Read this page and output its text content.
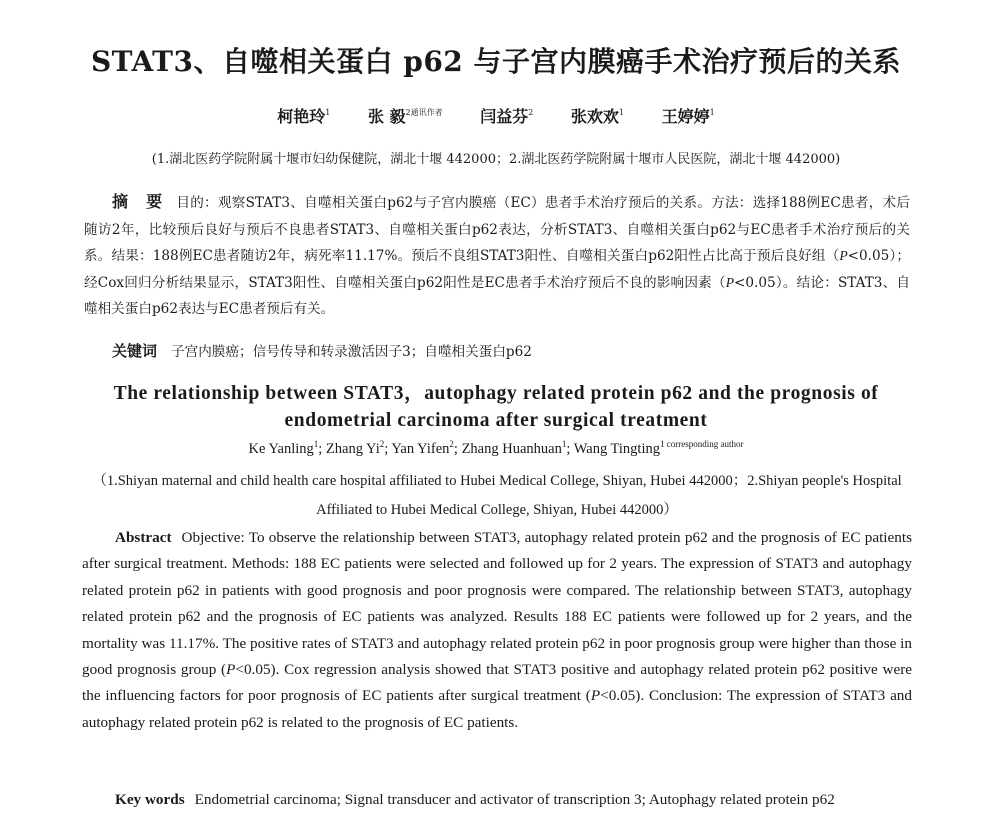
STAT3、自噬相关蛋白 p62 与子宫内膜癌手术治疗预后的关系
柯艳玲$^1$ 张 毅$^{2通讯作者}$ 闫益芬$^2$ 张欢欢$^1$ 王婷婷$^1$
(1.湖北医药学院附属十堰市妇幼保健院，湖北十堰 442000；2.湖北医药学院附属十堰市人民医院，湖北十堰 442000)

摘 要 目的：观察STAT3、自噬相关蛋白p62与子宫内膜癌（EC）患者手术治疗预后的关系。方法：选择188例EC患者，术后随访2年，比较预后良好与预后不良患者STAT3、自噬相关蛋白p62表达，分析STAT3、自噬相关蛋白p62与EC患者手术治疗预后的关系。结果：188例EC患者随访2年，病死率11.17%。预后不良组STAT3阳性、自噬相关蛋白p62阳性占比高于预后良好组（P<0.05）；经Cox回归分析结果显示，STAT3阳性、自噬相关蛋白p62阳性是EC患者手术治疗预后不良的影响因素（P<0.05）。结论：STAT3、自噬相关蛋白p62表达与EC患者预后有关。

关键词 子宫内膜癌；信号传导和转录激活因子3；自噬相关蛋白p62
The relationship between STAT3，autophagy related protein p62 and the prognosis of
endometrial carcinoma after surgical treatment
Ke Yanling$^1$; Zhang Yi$^2$; Yan Yifen$^2$; Zhang Huanhuan$^1$; Wang Tingting$^{1 corresponding author}$
（1.Shiyan maternal and child health care hospital affiliated to Hubei Medical College, Shiyan, Hubei 442000；2.Shiyan people's Hospital Affiliated to Hubei Medical College, Shiyan, Hubei 442000）

Abstract Objective: To observe the relationship between STAT3, autophagy related protein p62 and the prognosis of EC patients after surgical treatment. Methods: 188 EC patients were selected and followed up for 2 years. The expression of STAT3 and autophagy related protein p62 in patients with good prognosis and poor prognosis were compared. The relationship between STAT3, autophagy related protein p62 and the prognosis of EC patients was analyzed. Results 188 EC patients were followed up for 2 years, and the mortality was 11.17%. The positive rates of STAT3 and autophagy related protein p62 in poor prognosis group were higher than those in good prognosis group (P<0.05). Cox regression analysis showed that STAT3 positive and autophagy related protein p62 positive were the influencing factors for poor prognosis of EC patients after surgical treatment (P<0.05). Conclusion: The expression of STAT3 and autophagy related protein p62 is related to the prognosis of EC patients.

Key words Endometrial carcinoma; Signal transducer and activator of transcription 3; Autophagy related protein p62
